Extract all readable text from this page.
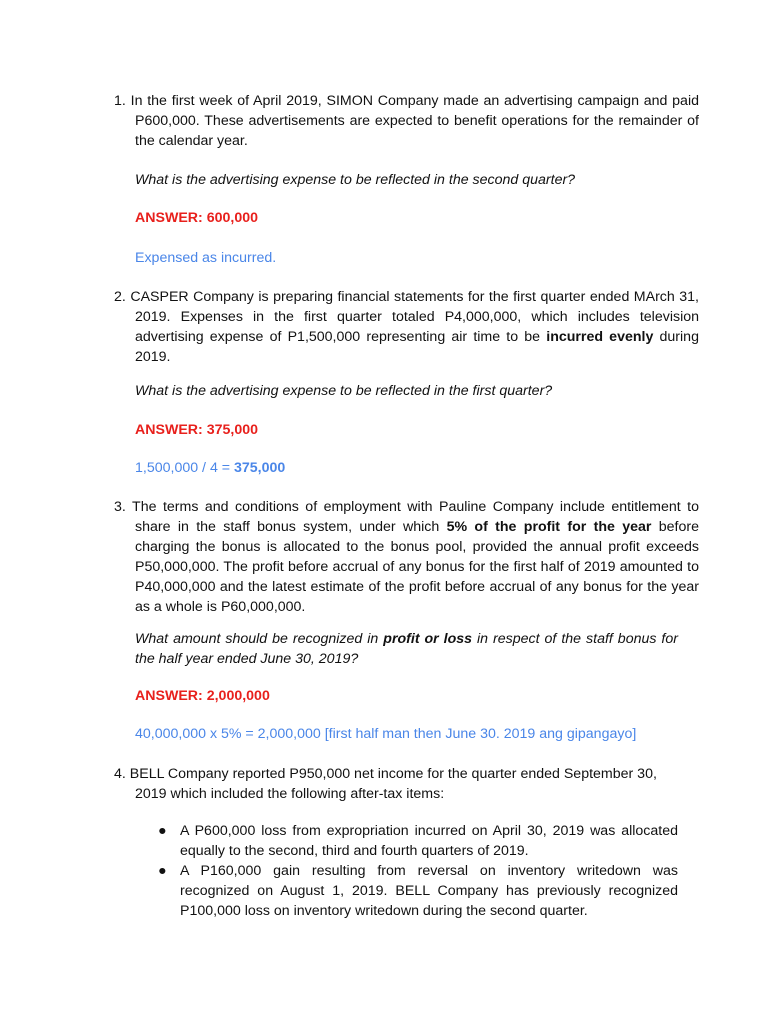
1. In the first week of April 2019, SIMON Company made an advertising campaign and paid P600,000. These advertisements are expected to benefit operations for the remainder of the calendar year.
What is the advertising expense to be reflected in the second quarter?
ANSWER: 600,000
Expensed as incurred.
2. CASPER Company is preparing financial statements for the first quarter ended MArch 31, 2019. Expenses in the first quarter totaled P4,000,000, which includes television advertising expense of P1,500,000 representing air time to be incurred evenly during 2019.
What is the advertising expense to be reflected in the first quarter?
ANSWER: 375,000
1,500,000 / 4 = 375,000
3. The terms and conditions of employment with Pauline Company include entitlement to share in the staff bonus system, under which 5% of the profit for the year before charging the bonus is allocated to the bonus pool, provided the annual profit exceeds P50,000,000. The profit before accrual of any bonus for the first half of 2019 amounted to P40,000,000 and the latest estimate of the profit before accrual of any bonus for the year as a whole is P60,000,000.
What amount should be recognized in profit or loss in respect of the staff bonus for the half year ended June 30, 2019?
ANSWER: 2,000,000
40,000,000 x 5% = 2,000,000 [first half man then June 30. 2019 ang gipangayo]
4. BELL Company reported P950,000 net income for the quarter ended September 30, 2019 which included the following after-tax items:
● A P600,000 loss from expropriation incurred on April 30, 2019 was allocated equally to the second, third and fourth quarters of 2019.
● A P160,000 gain resulting from reversal on inventory writedown was recognized on August 1, 2019. BELL Company has previously recognized P100,000 loss on inventory writedown during the second quarter.
